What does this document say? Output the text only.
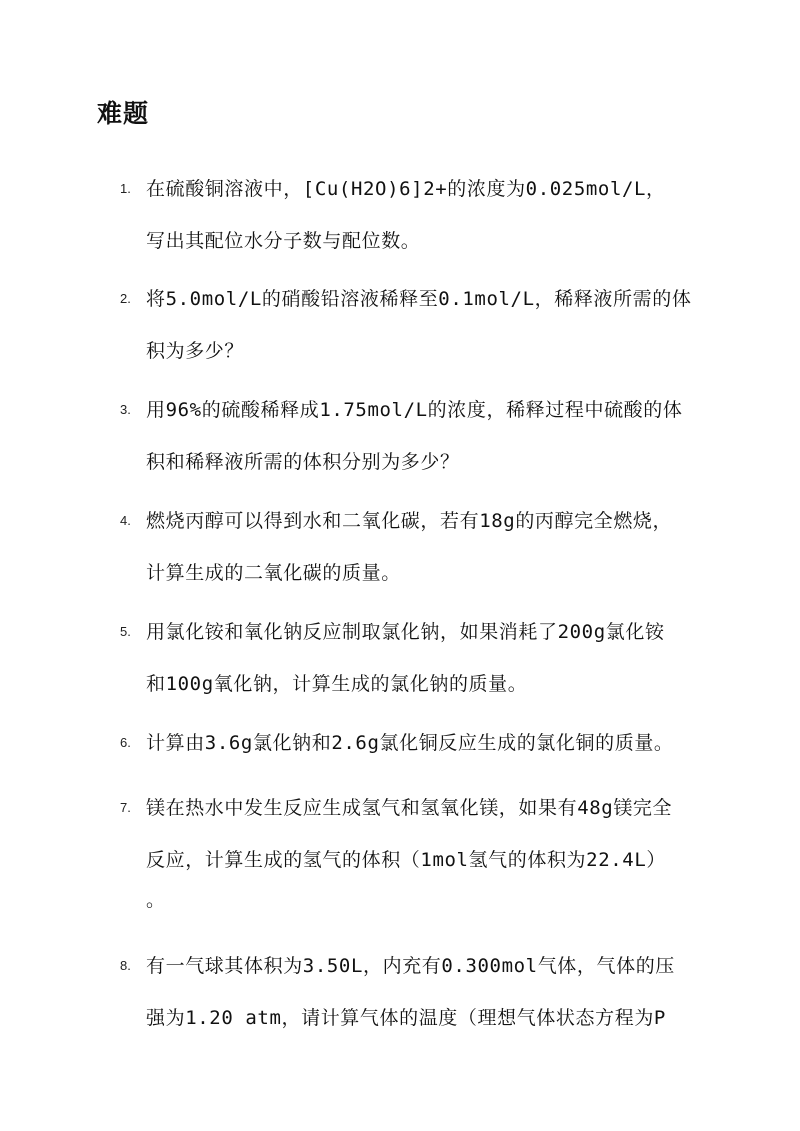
难题
1. 在硫酸铜溶液中，[Cu(H2O)6]2+的浓度为0.025mol/L，
写出其配位水分子数与配位数。
2. 将5.0mol/L的硝酸铅溶液稀释至0.1mol/L，稀释液所需的体
积为多少？
3. 用96%的硫酸稀释成1.75mol/L的浓度，稀释过程中硫酸的体
积和稀释液所需的体积分别为多少？
4. 燃烧丙醇可以得到水和二氧化碳，若有18g的丙醇完全燃烧，
计算生成的二氧化碳的质量。
5. 用氯化铵和氧化钠反应制取氯化钠，如果消耗了200g氯化铵
和100g氧化钠，计算生成的氯化钠的质量。
6. 计算由3.6g氯化钠和2.6g氯化铜反应生成的氯化铜的质量。
7. 镁在热水中发生反应生成氢气和氢氧化镁，如果有48g镁完全
反应，计算生成的氢气的体积（1mol氢气的体积为22.4L）
。
8. 有一气球其体积为3.50L，内充有0.300mol气体，气体的压
强为1.20 atm，请计算气体的温度（理想气体状态方程为P
